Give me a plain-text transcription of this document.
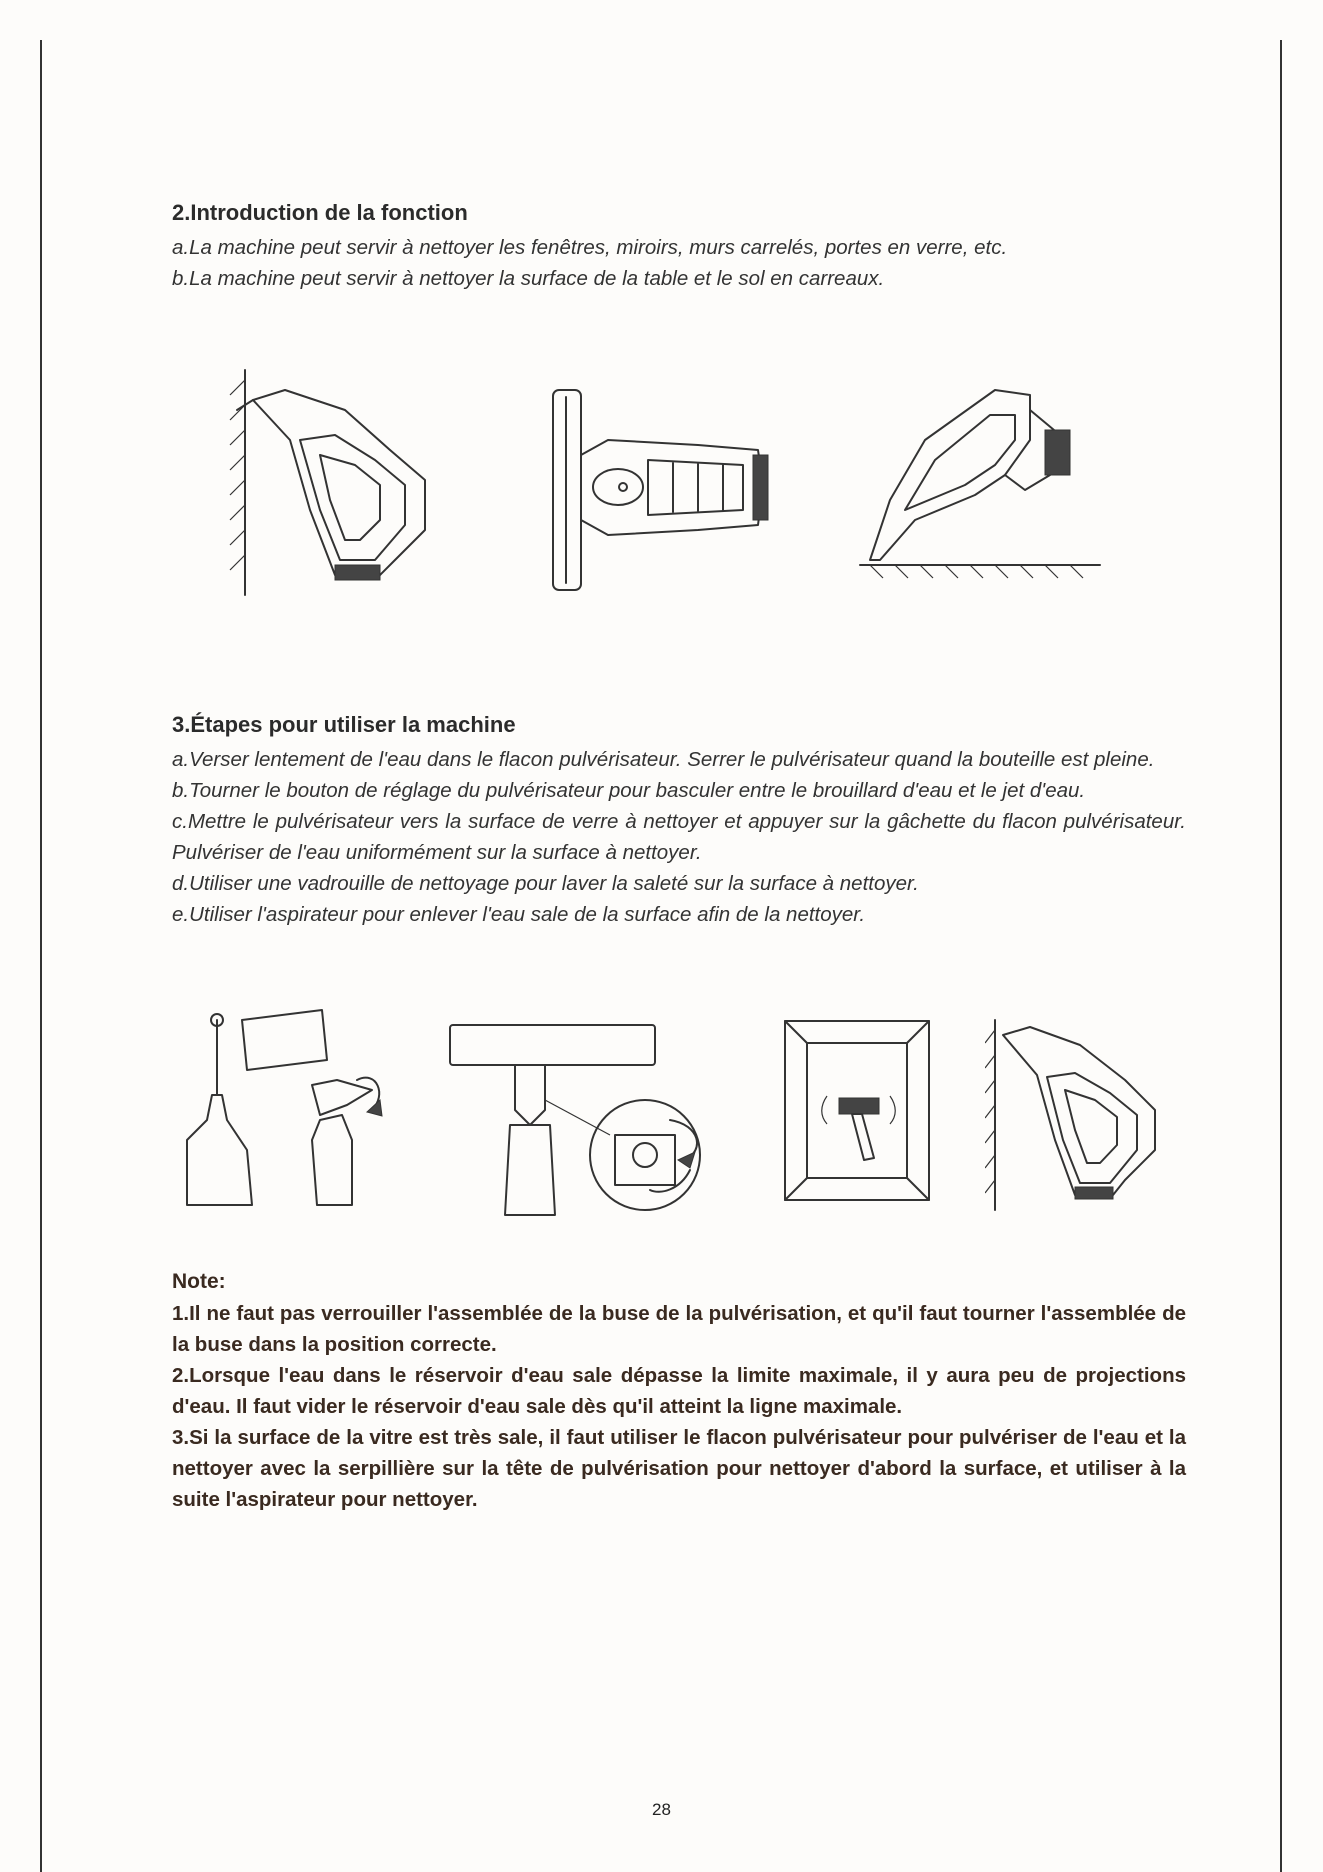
2.Introduction de la fonction

a.La machine peut servir à nettoyer les fenêtres, miroirs, murs carrelés, portes en verre, etc.

b.La machine peut servir à nettoyer la surface de la table et le sol en carreaux.

3.Étapes pour utiliser la machine

a.Verser lentement de l'eau dans le flacon pulvérisateur. Serrer le pulvérisateur quand la bouteille est pleine.

b.Tourner le bouton de réglage du pulvérisateur pour basculer entre le brouillard d'eau et le jet d'eau.

c.Mettre le pulvérisateur vers la surface de verre à nettoyer et appuyer sur la gâchette du flacon pulvérisateur. Pulvériser de l'eau uniformément sur la surface à nettoyer.

d.Utiliser une vadrouille de nettoyage pour laver la saleté sur la surface à nettoyer.

e.Utiliser l'aspirateur pour enlever l'eau sale de la surface afin de la nettoyer.

Note:

1.Il ne faut pas verrouiller l'assemblée de la buse de la pulvérisation, et qu'il faut tourner l'assemblée de la buse dans la position correcte.

2.Lorsque l'eau dans le réservoir d'eau sale dépasse la limite maximale, il y aura peu de projections d'eau. Il faut vider le réservoir d'eau sale dès qu'il atteint la ligne maximale.

3.Si la surface de la vitre est très sale, il faut utiliser le flacon pulvérisateur pour pulvériser de l'eau et la nettoyer avec la serpillière sur la tête de pulvérisation pour nettoyer d'abord la surface, et utiliser à la suite l'aspirateur pour nettoyer.

28
